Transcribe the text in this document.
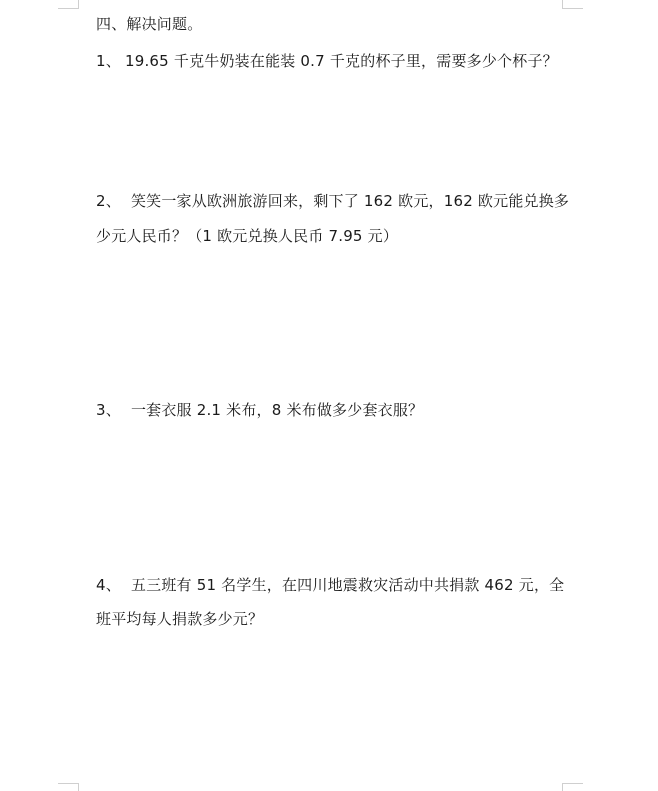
四、解决问题。
1、 19.65 千克牛奶装在能装 0.7 千克的杯子里，需要多少个杯子？
2、 笑笑一家从欧洲旅游回来，剩下了 162 欧元，162 欧元能兑换多
少元人民币？（1 欧元兑换人民币 7.95 元）
3、 一套衣服 2.1 米布，8 米布做多少套衣服？
4、 五三班有 51 名学生，在四川地震救灾活动中共捐款 462 元，全
班平均每人捐款多少元？
